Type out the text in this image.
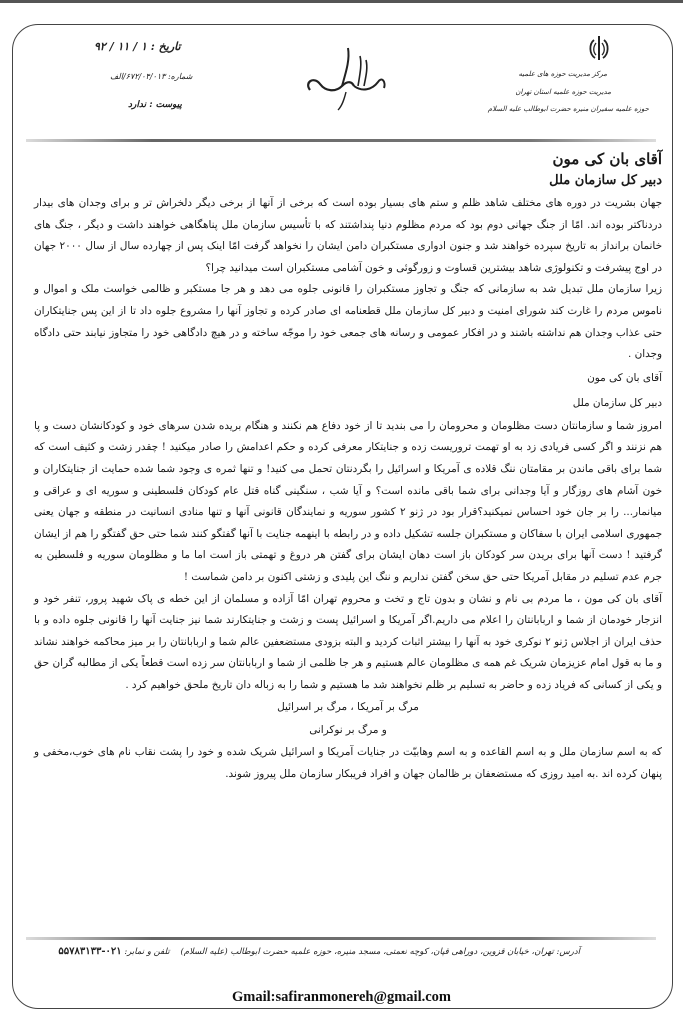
مرکز مدیریت حوزه های علمیه
مدیریت حوزه علمیه استان تهران
حوزه علمیه سفیران منیره حضرت ابوطالب علیه السلام
تاریخ : ۱ / ۱۱ / ۹۲
شماره: ۶۷۲/۰۴/۰۱۳/الف
پیوست : ندارد

آقای بان کی مون

دبیر کل سازمان ملل

جهان بشریت در دوره های مختلف شاهد ظلم و ستم های بسیار بوده است که برخی از آنها از برخی دیگر دلخراش تر و برای وجدان های بیدار دردناکتر بوده اند. امّا از جنگ جهانی دوم بود که مردم مظلوم دنیا پنداشتند که با تأسیس سازمان ملل پناهگاهی خواهند داشت و دیگر ، جنگ های خانمان برانداز به تاریخ سپرده خواهند شد و جنون ادواری مستکبران دامن ایشان را نخواهد گرفت امّا اینک پس از چهارده سال از سال ۲۰۰۰ جهان در اوج پیشرفت و تکنولوژی شاهد بیشترین قساوت و زورگوئی و خون آشامی مستکبران است میدانید چرا؟

زیرا سازمان ملل تبدیل شد به سازمانی که جنگ و تجاوز مستکبران را قانونی جلوه می دهد و هر جا مستکبر و ظالمی خواست ملک و اموال و ناموس مردم را غارت کند شورای امنیت و دبیر کل سازمان ملل قطعنامه ای صادر کرده و تجاوز آنها را مشروع جلوه داد تا از این پس جنایتکاران حتی عذاب وجدان هم نداشته باشند و در افکار عمومی و رسانه های جمعی خود را موجّه ساخته و در هیچ دادگاهی خود را متجاوز نیابند حتی دادگاه وجدان .

آقای بان کی مون

دبیر کل سازمان ملل

امروز شما و سازمانتان دست مظلومان و محرومان را می بندید تا از خود دفاع هم نکنند و هنگام بریده شدن سرهای خود و کودکانشان دست و پا هم نزنند و اگر کسی فریادی زد به او تهمت تروریست زده و جنایتکار معرفی کرده و حکم اعدامش را صادر میکنید ! چقدر زشت و کثیف است که شما برای باقی ماندن بر مقامتان ننگ قلاده ی آمریکا و اسرائیل را بگردنتان تحمل می کنید! و تنها ثمره ی وجود شما شده حمایت از جنایتکاران و خون آشام های روزگار و آیا وجدانی برای شما باقی مانده است؟ و آیا شب ، سنگینی گناه قتل عام کودکان فلسطینی و سوریه ای و عراقی و میانمار... را بر جان خود احساس نمیکنید؟قرار بود در ژنو ۲ کشور سوریه و نمایندگان قانونی آنها و تنها منادی انسانیت در منطقه و جهان یعنی جمهوری اسلامی ایران با سفاکان و مستکبران جلسه تشکیل داده و در رابطه با اینهمه جنایت با آنها گفتگو کنند شما حتی حق گفتگو را هم از ایشان گرفتید ! دست آنها برای بریدن سر کودکان باز است دهان ایشان برای گفتن هر دروغ و تهمتی باز است اما ما و مظلومان سوریه و فلسطین به جرم عدم تسلیم در مقابل آمریکا حتی حق سخن گفتن نداریم و ننگ این پلیدی و زشتی اکنون بر دامن شماست !

آقای بان کی مون ، ما مردم بی نام و نشان و بدون تاج و تخت و محروم تهران امّا آزاده و مسلمان از این خطه ی پاک شهید پرور، تنفر خود و انزجار خودمان از شما و اربابانتان را اعلام می داریم.اگر آمریکا و اسرائیل پست و زشت و جنایتکارند شما نیز جنایت آنها را قانونی جلوه داده و با حذف ایران از اجلاس ژنو ۲ نوکری خود به آنها را بیشتر اثبات کردید و البته بزودی مستضعفین عالم شما و اربابانتان را بر میز محاکمه خواهند نشاند و ما به قول امام عزیزمان شریک غم همه ی مظلومان عالم هستیم و هر جا ظلمی از شما و اربابانتان سر زده است قطعاً یکی از مطالبه گران حق و یکی از کسانی که فریاد زده و حاضر به تسلیم بر ظلم نخواهند شد ما هستیم و شما را به زباله دان تاریخ ملحق خواهیم کرد .

مرگ بر آمریکا ، مرگ بر اسرائیل

و مرگ بر نوکرانی

که به اسم سازمان ملل و به اسم القاعده و به اسم وهابیّت در جنایات آمریکا و اسرائیل شریک شده و خود را پشت نقاب نام های خوب،مخفی و پنهان کرده اند .به امید روزی که مستضعفان بر ظالمان جهان و افراد فریبکار سازمان ملل پیروز شوند.

آدرس: تهران، خیابان قزوین، دوراهی قپان، کوچه نعمتی، مسجد منیره، حوزه علمیه حضرت ابوطالب (علیه السلام)    تلفن و نمابر: ۰۲۱-۵۵۷۸۳۱۳۳
Gmail:safiranmonereh@gmail.com
